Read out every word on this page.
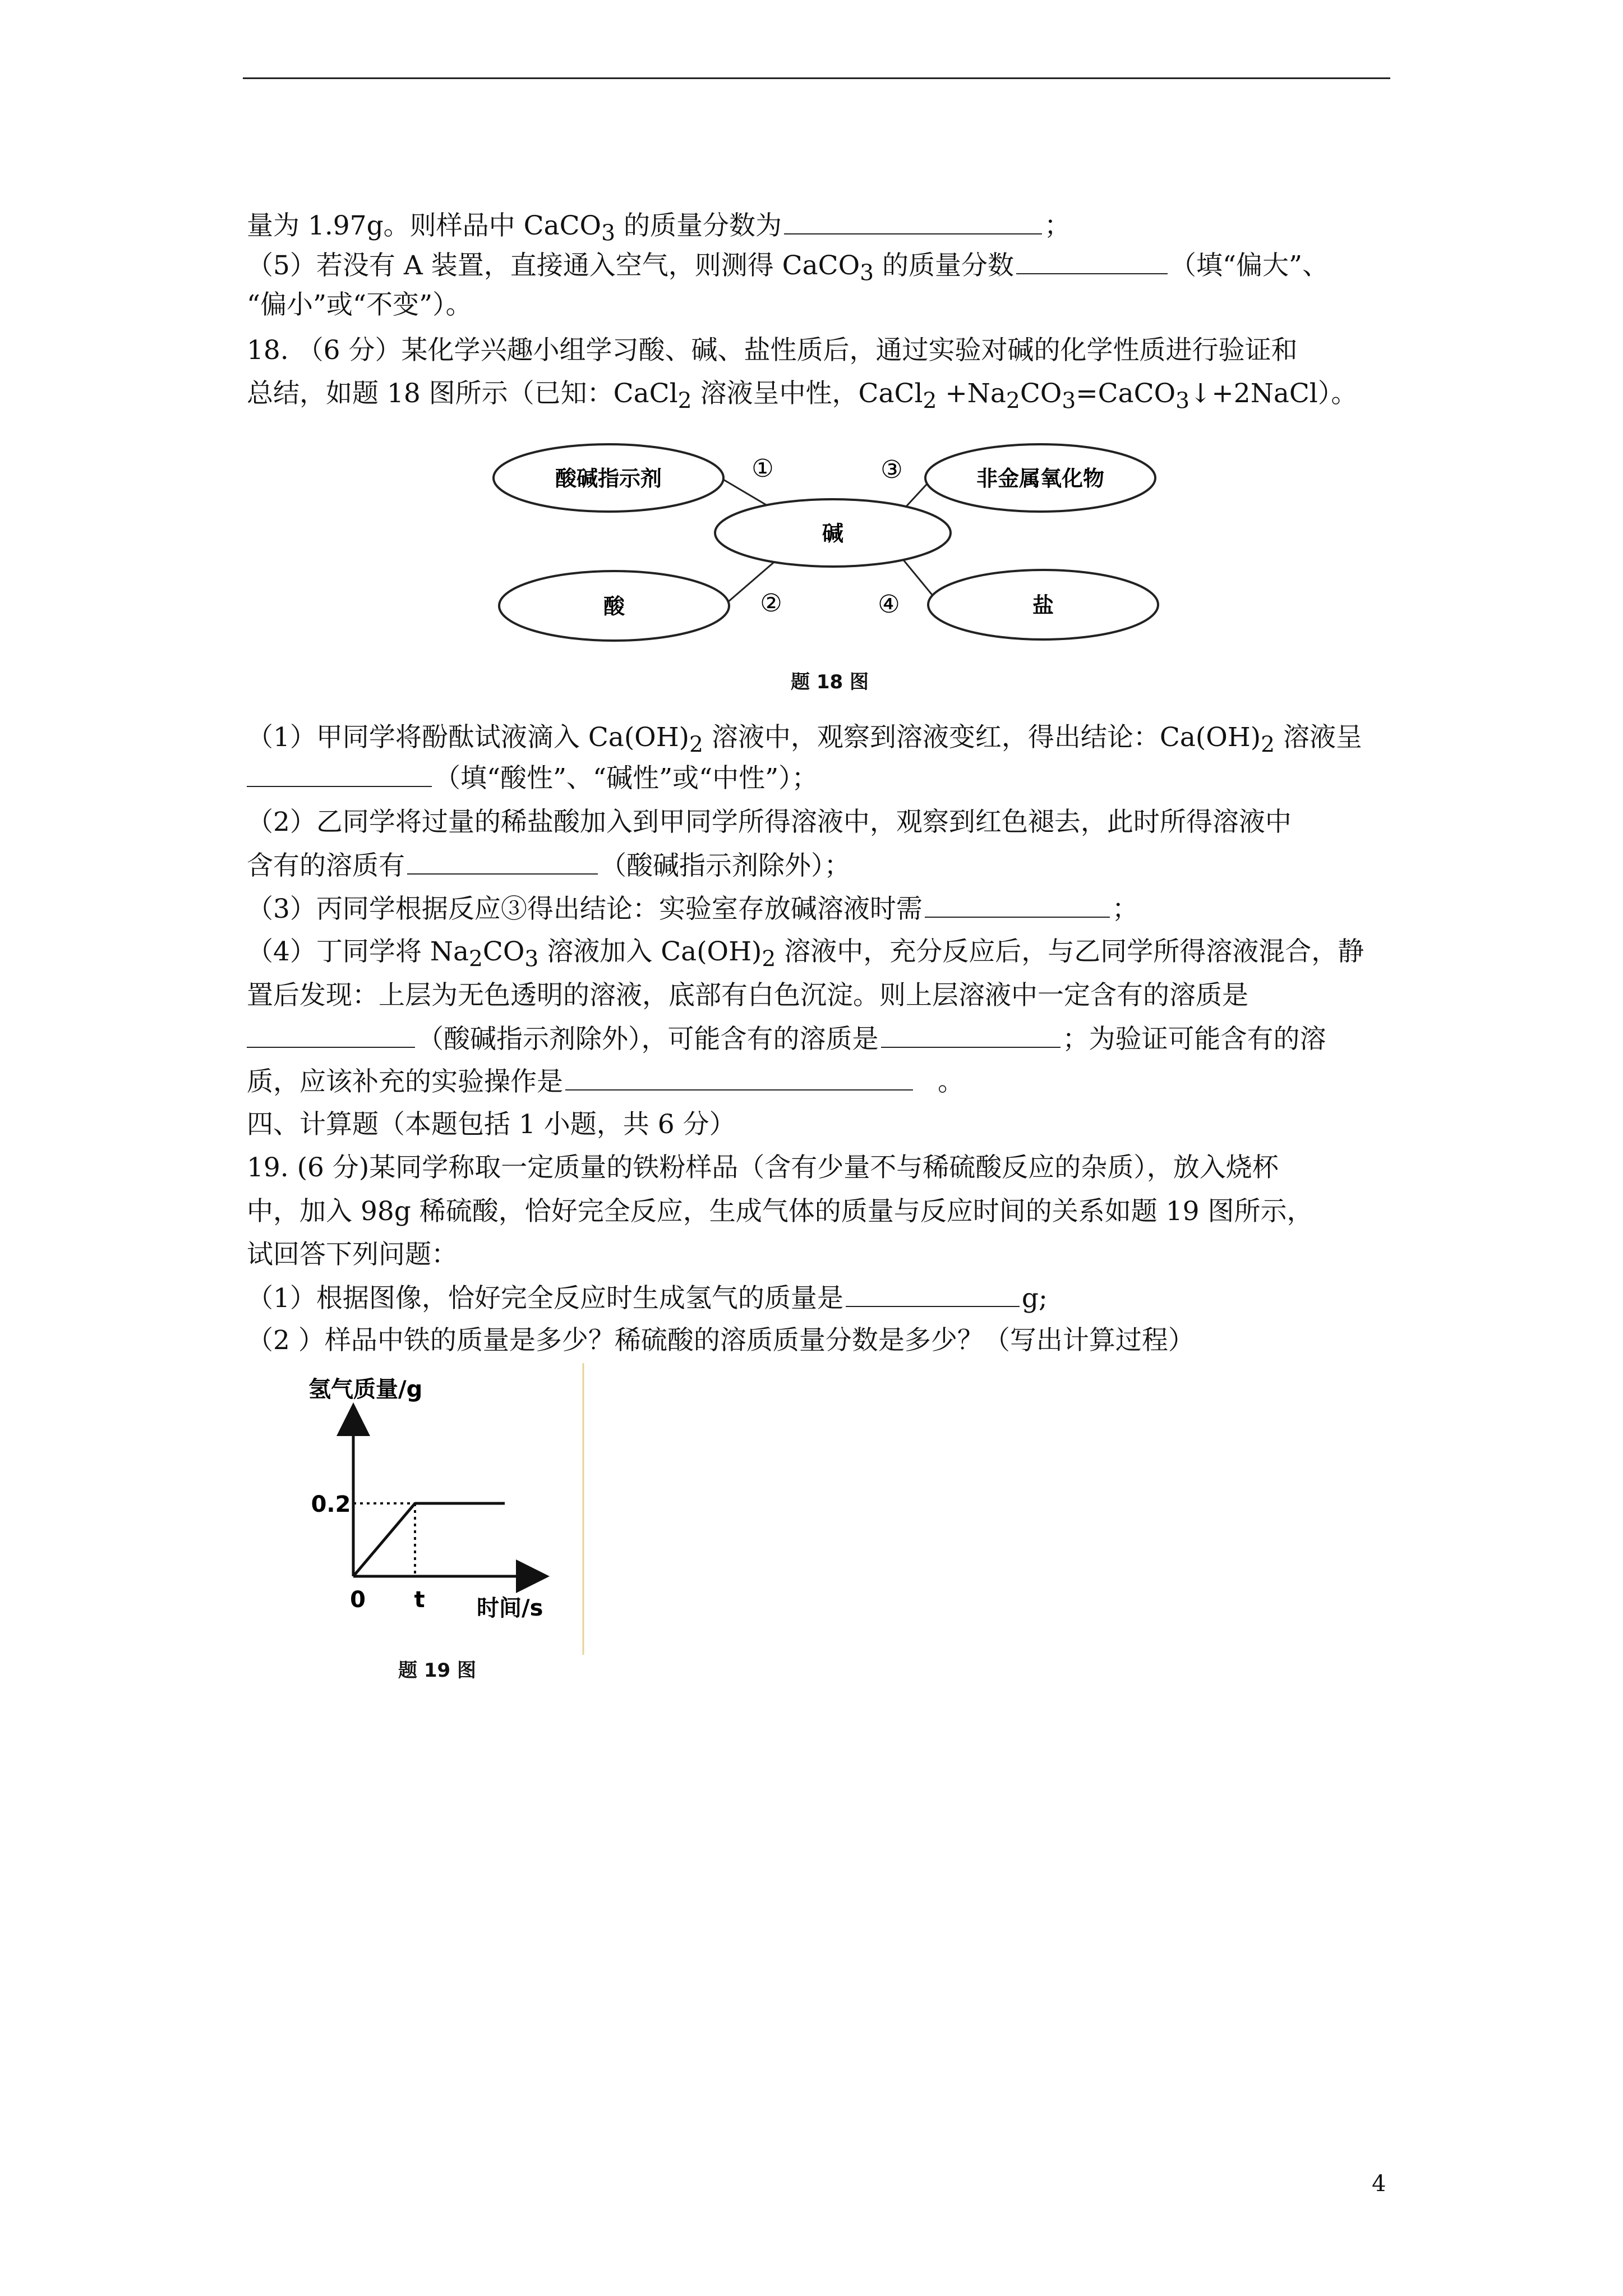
量为 1.97g。则样品中 CaCO$_3$ 的质量分数为	；
（5）若没有 A 装置，直接通入空气，则测得 CaCO$_3$ 的质量分数	（填“偏大”、
“偏小”或“不变”）。
18. （6 分）某化学兴趣小组学习酸、碱、盐性质后，通过实验对碱的化学性质进行验证和
总结，如题 18 图所示（已知：CaCl$_2$ 溶液呈中性，CaCl$_2$ $+Na_2CO_3=CaCO_3↓+2NaCl$）。
酸碱指示剂	非金属氧化物
碱
酸	盐
①	③
②	④
题 18 图
（1）甲同学将酚酞试液滴入 $Ca(OH)_2$ 溶液中，观察到溶液变红，得出结论：$Ca(OH)_2$ 溶液呈
（填“酸性”、“碱性”或“中性”）；
（2）乙同学将过量的稀盐酸加入到甲同学所得溶液中，观察到红色褪去，此时所得溶液中
含有的溶质有	（酸碱指示剂除外）；
（3）丙同学根据反应③得出结论：实验室存放碱溶液时需	；
（4）丁同学将 $Na_2CO_3$ 溶液加入 $Ca(OH)_2$ 溶液中，充分反应后，与乙同学所得溶液混合，静
置后发现：上层为无色透明的溶液，底部有白色沉淀。则上层溶液中一定含有的溶质是
（酸碱指示剂除外），可能含有的溶质是	；为验证可能含有的溶
质，应该补充的实验操作是	。
四、计算题（本题包括 1 小题，共 6 分）
19. (6 分)某同学称取一定质量的铁粉样品（含有少量不与稀硫酸反应的杂质），放入烧杯
中，加入 98g 稀硫酸，恰好完全反应，生成气体的质量与反应时间的关系如题 19 图所示，
试回答下列问题：
（1）根据图像，恰好完全反应时生成氢气的质量是	g;
（2 ）样品中铁的质量是多少？稀硫酸的溶质质量分数是多少？（写出计算过程）
氢气质量/g
时间/s
0 t
0.2
题 19 图
4
